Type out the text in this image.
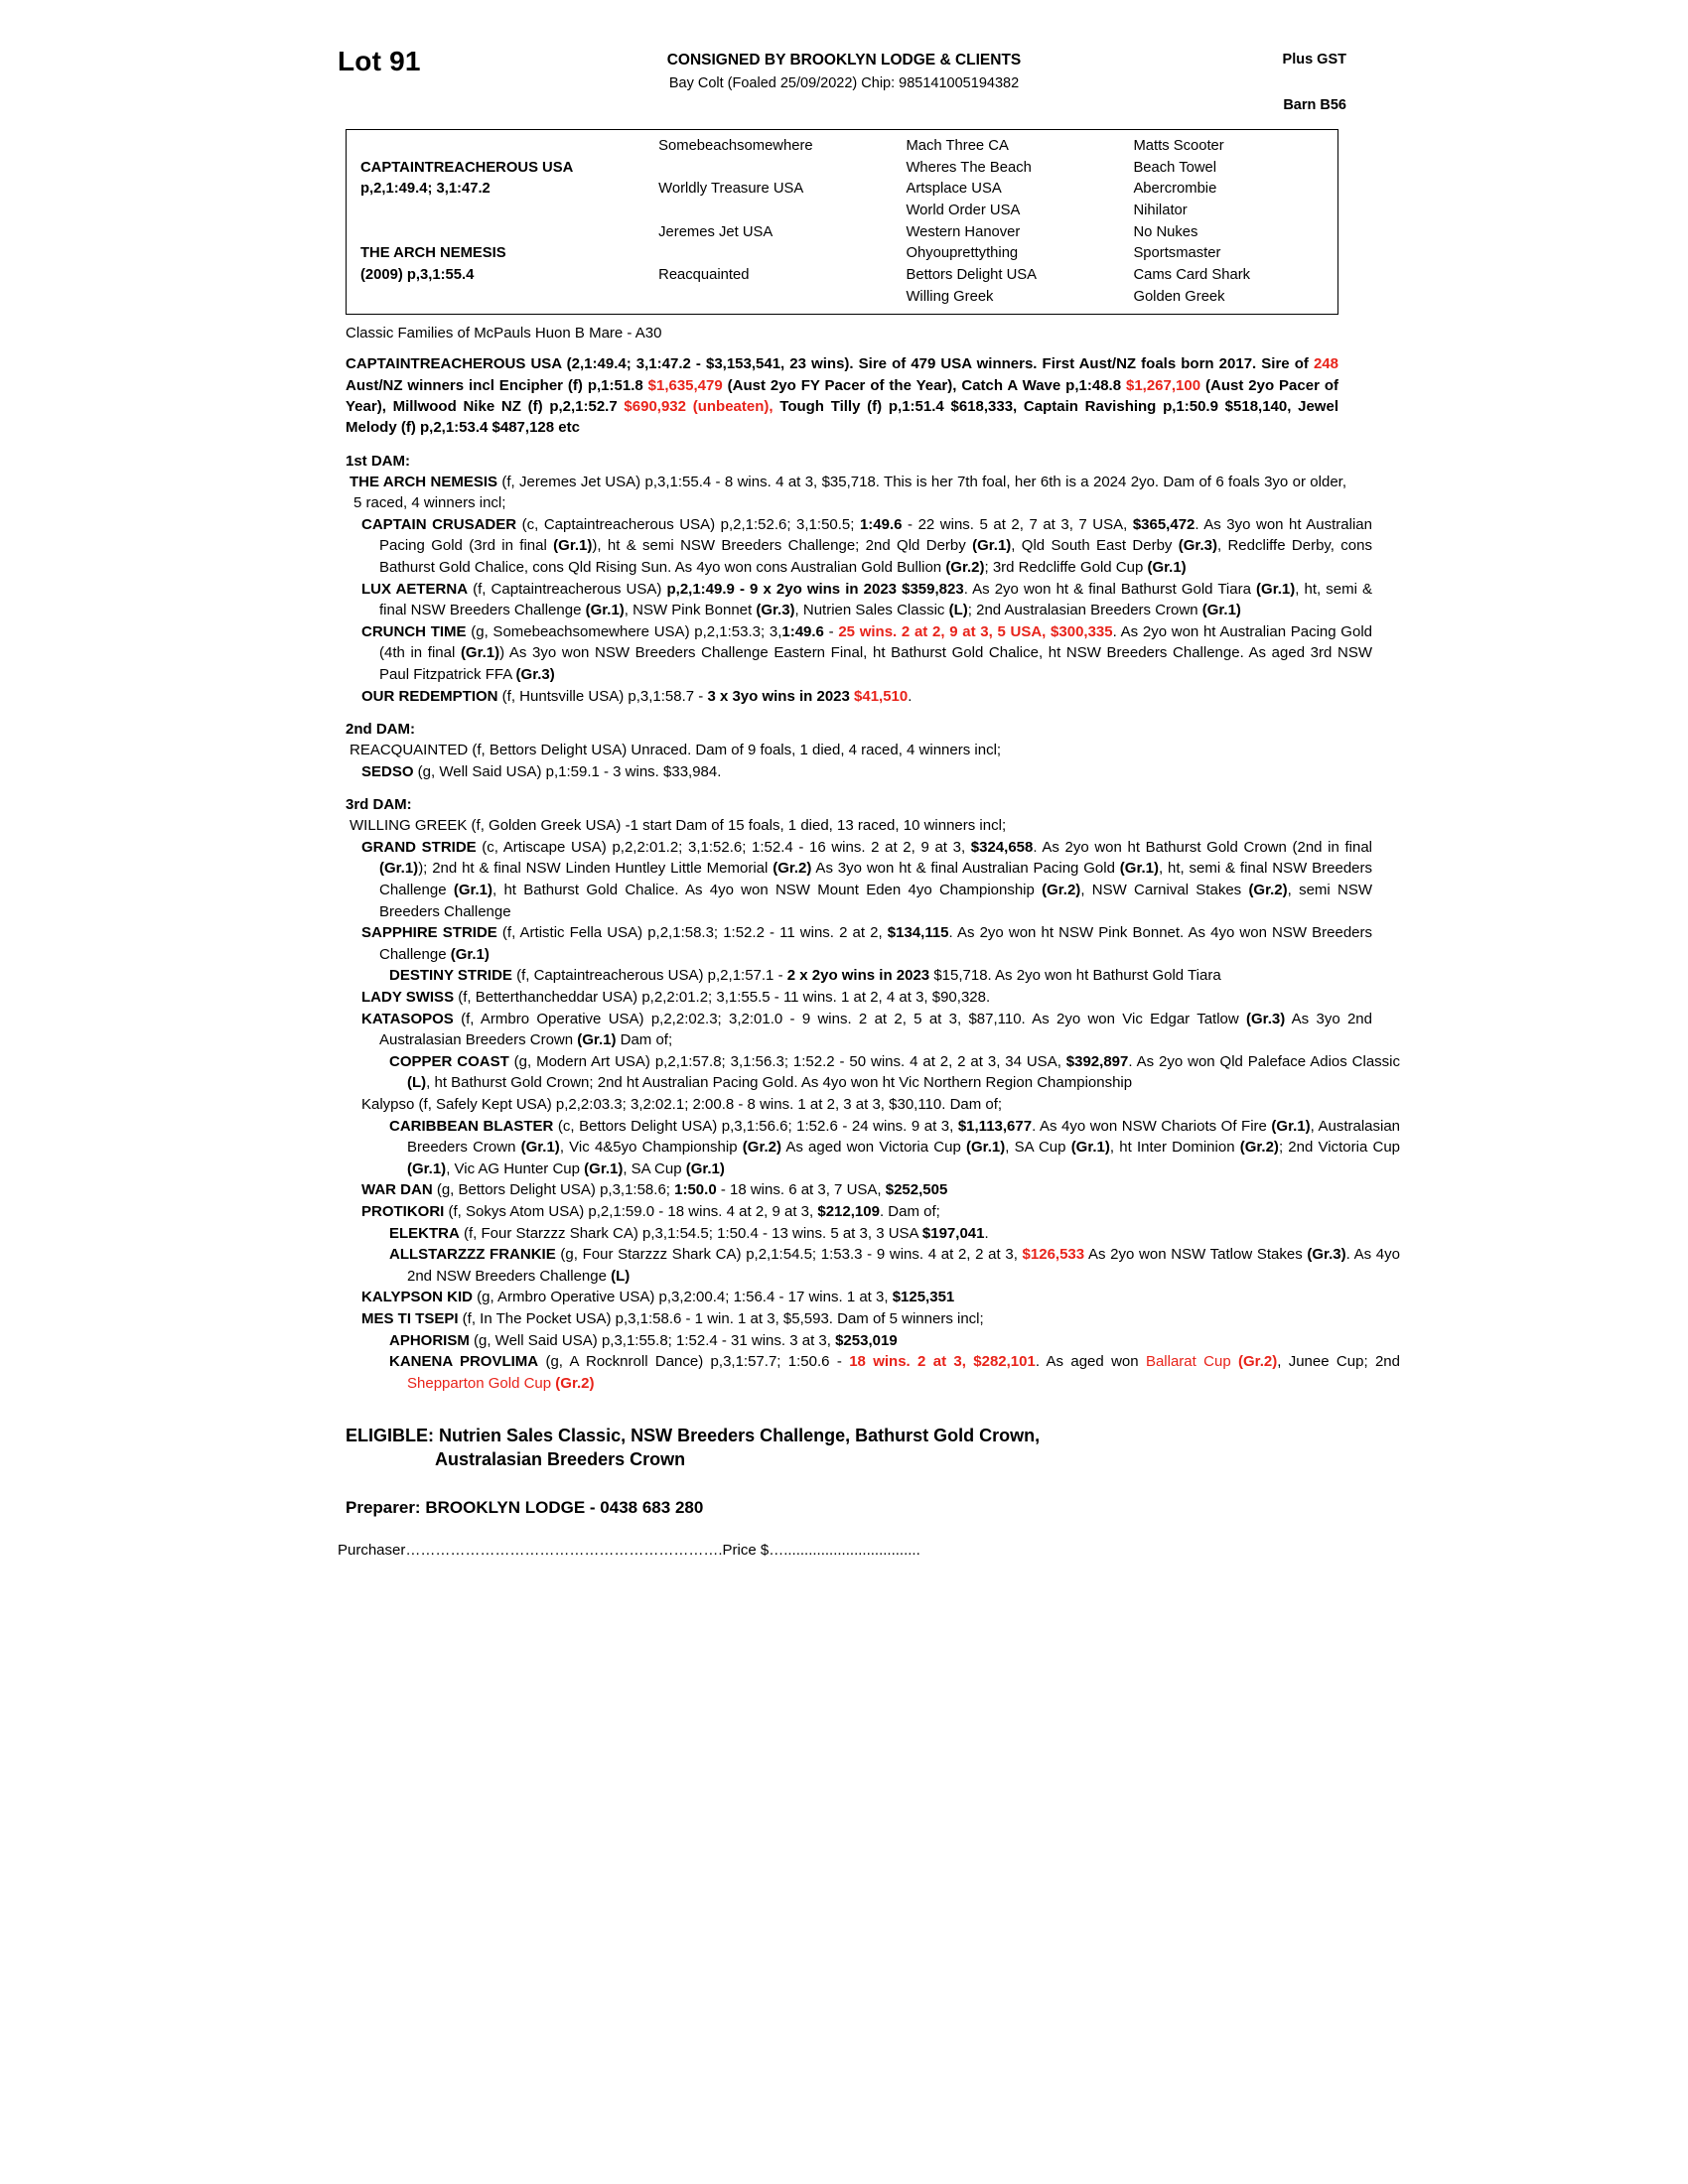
Lot 91	CONSIGNED BY BROOKLYN LODGE & CLIENTS
Bay Colt (Foaled 25/09/2022) Chip: 985141005194382
Plus GST
Barn B56
	Somebeachsomewhere	Mach Three CA	Matts Scooter
CAPTAINTREACHEROUS USA		Wheres The Beach	Beach Towel
p,2,1:49.4; 3,1:47.2	Worldly Treasure USA	Artsplace USA	Abercrombie
		World Order USA	Nihilator
	Jeremes Jet USA	Western Hanover	No Nukes
THE ARCH NEMESIS		Ohyouprettything	Sportsmaster
(2009) p,3,1:55.4	Reacquainted	Bettors Delight USA	Cams Card Shark
		Willing Greek	Golden Greek
Classic Families of McPauls Huon B Mare - A30
CAPTAINTREACHEROUS USA (2,1:49.4; 3,1:47.2 - $3,153,541, 23 wins). Sire of 479 USA winners. First Aust/NZ foals born 2017. Sire of 248 Aust/NZ winners incl Encipher (f) p,1:51.8 $1,635,479 (Aust 2yo FY Pacer of the Year), Catch A Wave p,1:48.8 $1,267,100 (Aust 2yo Pacer of Year), Millwood Nike NZ (f) p,2,1:52.7 $690,932 (unbeaten), Tough Tilly (f) p,1:51.4 $618,333, Captain Ravishing p,1:50.9 $518,140, Jewel Melody (f) p,2,1:53.4 $487,128 etc
1st DAM:
THE ARCH NEMESIS (f, Jeremes Jet USA) p,3,1:55.4 - 8 wins. 4 at 3, $35,718. This is her 7th foal, her 6th is a 2024 2yo. Dam of 6 foals 3yo or older, 5 raced, 4 winners incl;
CAPTAIN CRUSADER (c, Captaintreacherous USA) p,2,1:52.6; 3,1:50.5; 1:49.6 - 22 wins. 5 at 2, 7 at 3, 7 USA, $365,472. As 3yo won ht Australian Pacing Gold (3rd in final (Gr.1)), ht & semi NSW Breeders Challenge; 2nd Qld Derby (Gr.1), Qld South East Derby (Gr.3), Redcliffe Derby, cons Bathurst Gold Chalice, cons Qld Rising Sun. As 4yo won cons Australian Gold Bullion (Gr.2); 3rd Redcliffe Gold Cup (Gr.1)
LUX AETERNA (f, Captaintreacherous USA) p,2,1:49.9 - 9 x 2yo wins in 2023 $359,823. As 2yo won ht & final Bathurst Gold Tiara (Gr.1), ht, semi & final NSW Breeders Challenge (Gr.1), NSW Pink Bonnet (Gr.3), Nutrien Sales Classic (L); 2nd Australasian Breeders Crown (Gr.1)
CRUNCH TIME (g, Somebeachsomewhere USA) p,2,1:53.3; 3,1:49.6 - 25 wins. 2 at 2, 9 at 3, 5 USA, $300,335. As 2yo won ht Australian Pacing Gold (4th in final (Gr.1)) As 3yo won NSW Breeders Challenge Eastern Final, ht Bathurst Gold Chalice, ht NSW Breeders Challenge. As aged 3rd NSW Paul Fitzpatrick FFA (Gr.3)
OUR REDEMPTION (f, Huntsville USA) p,3,1:58.7 - 3 x 3yo wins in 2023 $41,510.
2nd DAM:
REACQUAINTED (f, Bettors Delight USA) Unraced. Dam of 9 foals, 1 died, 4 raced, 4 winners incl;
SEDSO (g, Well Said USA) p,1:59.1 - 3 wins. $33,984.
3rd DAM:
WILLING GREEK (f, Golden Greek USA) -1 start Dam of 15 foals, 1 died, 13 raced, 10 winners incl;
GRAND STRIDE (c, Artiscape USA) p,2,2:01.2; 3,1:52.6; 1:52.4 - 16 wins. 2 at 2, 9 at 3, $324,658. As 2yo won ht Bathurst Gold Crown (2nd in final (Gr.1)); 2nd ht & final NSW Linden Huntley Little Memorial (Gr.2) As 3yo won ht & final Australian Pacing Gold (Gr.1), ht, semi & final NSW Breeders Challenge (Gr.1), ht Bathurst Gold Chalice. As 4yo won NSW Mount Eden 4yo Championship (Gr.2), NSW Carnival Stakes (Gr.2), semi NSW Breeders Challenge
SAPPHIRE STRIDE (f, Artistic Fella USA) p,2,1:58.3; 1:52.2 - 11 wins. 2 at 2, $134,115. As 2yo won ht NSW Pink Bonnet. As 4yo won NSW Breeders Challenge (Gr.1)
DESTINY STRIDE (f, Captaintreacherous USA) p,2,1:57.1 - 2 x 2yo wins in 2023 $15,718. As 2yo won ht Bathurst Gold Tiara
LADY SWISS (f, Betterthancheddar USA) p,2,2:01.2; 3,1:55.5 - 11 wins. 1 at 2, 4 at 3, $90,328.
KATASOPOS (f, Armbro Operative USA) p,2,2:02.3; 3,2:01.0 - 9 wins. 2 at 2, 5 at 3, $87,110. As 2yo won Vic Edgar Tatlow (Gr.3) As 3yo 2nd Australasian Breeders Crown (Gr.1) Dam of;
COPPER COAST (g, Modern Art USA) p,2,1:57.8; 3,1:56.3; 1:52.2 - 50 wins. 4 at 2, 2 at 3, 34 USA, $392,897. As 2yo won Qld Paleface Adios Classic (L), ht Bathurst Gold Crown; 2nd ht Australian Pacing Gold. As 4yo won ht Vic Northern Region Championship
Kalypso (f, Safely Kept USA) p,2,2:03.3; 3,2:02.1; 2:00.8 - 8 wins. 1 at 2, 3 at 3, $30,110. Dam of;
CARIBBEAN BLASTER (c, Bettors Delight USA) p,3,1:56.6; 1:52.6 - 24 wins. 9 at 3, $1,113,677. As 4yo won NSW Chariots Of Fire (Gr.1), Australasian Breeders Crown (Gr.1), Vic 4&5yo Championship (Gr.2) As aged won Victoria Cup (Gr.1), SA Cup (Gr.1), ht Inter Dominion (Gr.2); 2nd Victoria Cup (Gr.1), Vic AG Hunter Cup (Gr.1), SA Cup (Gr.1)
WAR DAN (g, Bettors Delight USA) p,3,1:58.6; 1:50.0 - 18 wins. 6 at 3, 7 USA, $252,505
PROTIKORI (f, Sokys Atom USA) p,2,1:59.0 - 18 wins. 4 at 2, 9 at 3, $212,109. Dam of;
ELEKTRA (f, Four Starzzz Shark CA) p,3,1:54.5; 1:50.4 - 13 wins. 5 at 3, 3 USA $197,041.
ALLSTARZZZ FRANKIE (g, Four Starzzz Shark CA) p,2,1:54.5; 1:53.3 - 9 wins. 4 at 2, 2 at 3, $126,533 As 2yo won NSW Tatlow Stakes (Gr.3). As 4yo 2nd NSW Breeders Challenge (L)
KALYPSON KID (g, Armbro Operative USA) p,3,2:00.4; 1:56.4 - 17 wins. 1 at 3, $125,351
MES TI TSEPI (f, In The Pocket USA) p,3,1:58.6 - 1 win. 1 at 3, $5,593. Dam of 5 winners incl;
APHORISM (g, Well Said USA) p,3,1:55.8; 1:52.4 - 31 wins. 3 at 3, $253,019
KANENA PROVLIMA (g, A Rocknroll Dance) p,3,1:57.7; 1:50.6 - 18 wins. 2 at 3, $282,101. As aged won Ballarat Cup (Gr.2), Junee Cup; 2nd Shepparton Gold Cup (Gr.2)
ELIGIBLE: Nutrien Sales Classic, NSW Breeders Challenge, Bathurst Gold Crown,
Australasian Breeders Crown
Preparer: BROOKLYN LODGE - 0438 683 280
Purchaser……………………………………………………….Price $….................................
